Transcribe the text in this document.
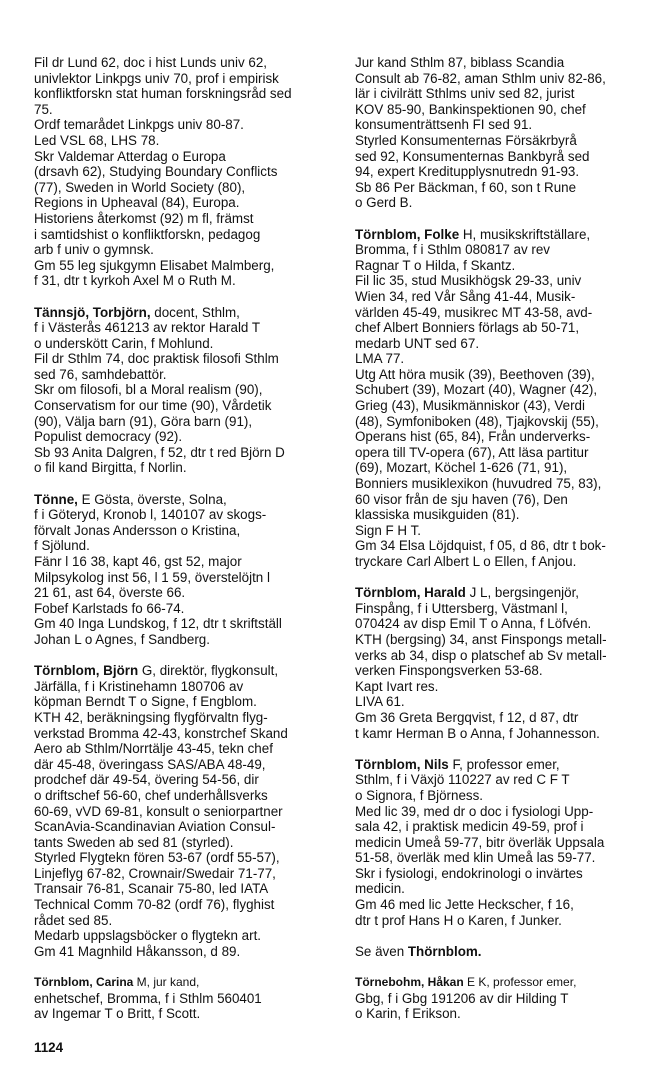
Fil dr Lund 62, doc i hist Lunds univ 62,
univlektor Linkpgs univ 70, prof i empirisk
konfliktforskn stat human forskningsråd sed
75.
Ordf temarådet Linkpgs univ 80-87.
Led VSL 68, LHS 78.
Skr Valdemar Atterdag o Europa
(drsavh 62), Studying Boundary Conflicts
(77), Sweden in World Society (80),
Regions in Upheaval (84), Europa.
Historiens återkomst (92) m fl, främst
i samtidshist o konfliktforskn, pedagog
arb f univ o gymnsk.
Gm 55 leg sjukgymn Elisabet Malmberg,
f 31, dtr t kyrkoh Axel M o Ruth M.
Tännsjö, Torbjörn, docent, Sthlm,
f i Västerås 461213 av rektor Harald T
o underskött Carin, f Mohlund.
Fil dr Sthlm 74, doc praktisk filosofi Sthlm
sed 76, samhdebattör.
Skr om filosofi, bl a Moral realism (90),
Conservatism for our time (90), Vårdetik
(90), Välja barn (91), Göra barn (91),
Populist democracy (92).
Sb 93 Anita Dalgren, f 52, dtr t red Björn D
o fil kand Birgitta, f Norlin.
Tönne, E Gösta, överste, Solna,
f i Göteryd, Kronob l, 140107 av skogs-
förvalt Jonas Andersson o Kristina,
f Sjölund.
Fänr l 16 38, kapt 46, gst 52, major
Milpsykolog inst 56, l 1 59, överstelöjtn l
21 61, ast 64, överste 66.
Fobef Karlstads fo 66-74.
Gm 40 Inga Lundskog, f 12, dtr t skriftställ
Johan L o Agnes, f Sandberg.
Törnblom, Björn G, direktör, flygkonsult,
Järfälla, f i Kristinehamn 180706 av
köpman Berndt T o Signe, f Engblom.
KTH 42, beräkningsing flygförvaltn flyg-
verkstad Bromma 42-43, konstrchef Skand
Aero ab Sthlm/Norrtälje 43-45, tekn chef
där 45-48, överingass SAS/ABA 48-49,
prodchef där 49-54, övering 54-56, dir
o driftschef 56-60, chef underhållsverks
60-69, vVD 69-81, konsult o seniorpartner
ScanAvia-Scandinavian Aviation Consul-
tants Sweden ab sed 81 (styrled).
Styrled Flygtekn fören 53-67 (ordf 55-57),
Linjeflyg 67-82, Crownair/Swedair 71-77,
Transair 76-81, Scanair 75-80, led IATA
Technical Comm 70-82 (ordf 76), flyghist
rådet sed 85.
Medarb uppslagsböcker o flygtekn art.
Gm 41 Magnhild Håkansson, d 89.
Törnblom, Carina M, jur kand,
enhetschef, Bromma, f i Sthlm 560401
av Ingemar T o Britt, f Scott.
Jur kand Sthlm 87, biblass Scandia
Consult ab 76-82, aman Sthlm univ 82-86,
lär i civilrätt Sthlms univ sed 82, jurist
KOV 85-90, Bankinspektionen 90, chef
konsumenträttsenh FI sed 91.
Styrled Konsumenternas Försäkrbyrå
sed 92, Konsumenternas Bankbyrå sed
94, expert Kreditupplysnutredn 91-93.
Sb 86 Per Bäckman, f 60, son t Rune
o Gerd B.
Törnblom, Folke H, musikskriftställare,
Bromma, f i Sthlm 080817 av rev
Ragnar T o Hilda, f Skantz.
Fil lic 35, stud Musikhögsk 29-33, univ
Wien 34, red Vår Sång 41-44, Musik-
världen 45-49, musikrec MT 43-58, avd-
chef Albert Bonniers förlags ab 50-71,
medarb UNT sed 67.
LMA 77.
Utg Att höra musik (39), Beethoven (39),
Schubert (39), Mozart (40), Wagner (42),
Grieg (43), Musikmänniskor (43), Verdi
(48), Symfoniboken (48), Tjajkovskij (55),
Operans hist (65, 84), Från underverks-
opera till TV-opera (67), Att läsa partitur
(69), Mozart, Köchel 1-626 (71, 91),
Bonniers musiklexikon (huvudred 75, 83),
60 visor från de sju haven (76), Den
klassiska musikguiden (81).
Sign F H T.
Gm 34 Elsa Löjdquist, f 05, d 86, dtr t bok-
tryckare Carl Albert L o Ellen, f Anjou.
Törnblom, Harald J L, bergsingenjör,
Finspång, f i Uttersberg, Västmanl l,
070424 av disp Emil T o Anna, f Löfvén.
KTH (bergsing) 34, anst Finspongs metall-
verks ab 34, disp o platschef ab Sv metall-
verken Finspongsverken 53-68.
Kapt Ivart res.
LIVA 61.
Gm 36 Greta Bergqvist, f 12, d 87, dtr
t kamr Herman B o Anna, f Johannesson.
Törnblom, Nils F, professor emer,
Sthlm, f i Växjö 110227 av red C F T
o Signora, f Björness.
Med lic 39, med dr o doc i fysiologi Upp-
sala 42, i praktisk medicin 49-59, prof i
medicin Umeå 59-77, bitr överläk Uppsala
51-58, överläk med klin Umeå las 59-77.
Skr i fysiologi, endokrinologi o invärtes
medicin.
Gm 46 med lic Jette Heckscher, f 16,
dtr t prof Hans H o Karen, f Junker.
Se även Thörnblom.
Törnebohm, Håkan E K, professor emer,
Gbg, f i Gbg 191206 av dir Hilding T
o Karin, f Erikson.
1124
